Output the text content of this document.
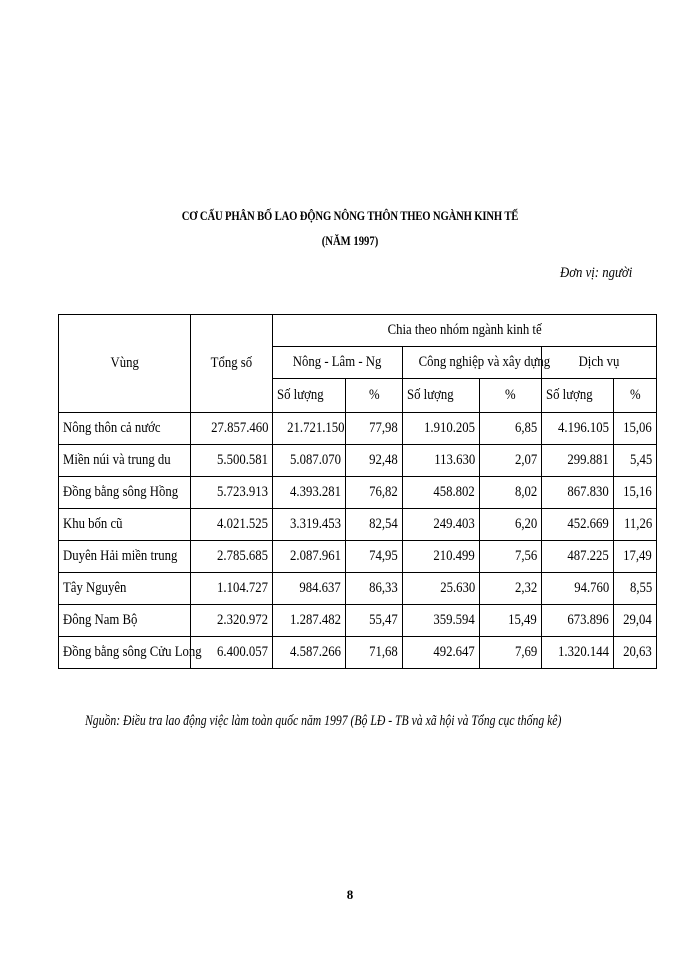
CƠ CẤU PHÂN BỐ LAO ĐỘNG NÔNG THÔN THEO NGÀNH KINH TẾ
(NĂM 1997)
Đơn vị: người
Vùng	Tổng số	Chia theo nhóm ngành kinh tế					
		Nông - Lâm - Ng		Công nghiệp và xây dựng		Dịch vụ	
		Số lượng	%	Số lượng	%	Số lượng	%
Nông thôn cả nước	27.857.460	21.721.150	77,98	1.910.205	6,85	4.196.105	15,06
Miền núi và trung du	5.500.581	5.087.070	92,48	113.630	2,07	299.881	5,45
Đồng bằng sông Hồng	5.723.913	4.393.281	76,82	458.802	8,02	867.830	15,16
Khu bốn cũ	4.021.525	3.319.453	82,54	249.403	6,20	452.669	11,26
Duyên Hải miền trung	2.785.685	2.087.961	74,95	210.499	7,56	487.225	17,49
Tây Nguyên	1.104.727	984.637	86,33	25.630	2,32	94.760	8,55
Đông Nam Bộ	2.320.972	1.287.482	55,47	359.594	15,49	673.896	29,04
Đồng bằng sông Cửu Long	6.400.057	4.587.266	71,68	492.647	7,69	1.320.144	20,63
Nguồn: Điều tra lao động việc làm toàn quốc năm 1997 (Bộ LĐ - TB và xã hội và Tổng cục thống kê)
8
